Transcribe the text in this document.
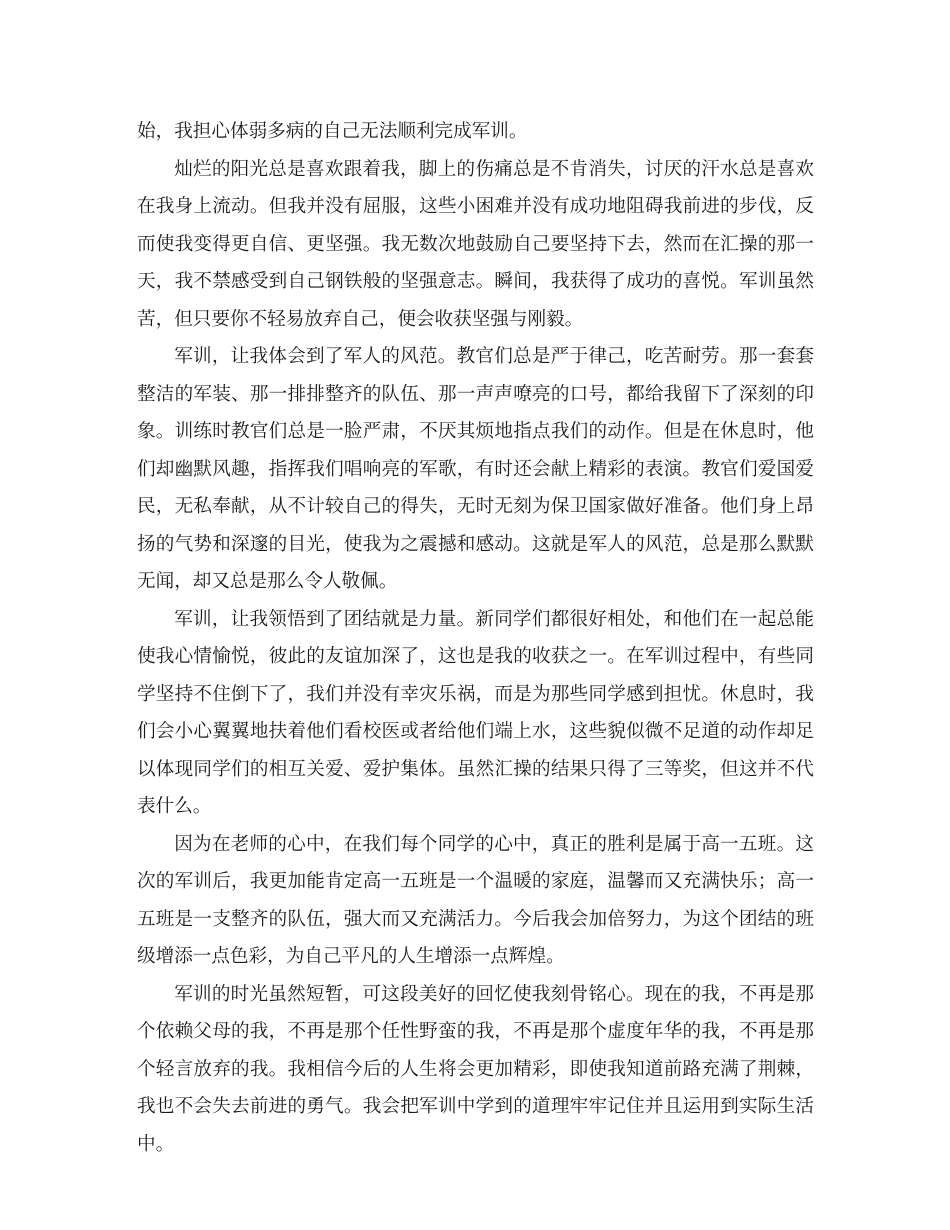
始，我担心体弱多病的自己无法顺利完成军训。

灿烂的阳光总是喜欢跟着我，脚上的伤痛总是不肯消失，讨厌的汗水总是喜欢在我身上流动。但我并没有屈服，这些小困难并没有成功地阻碍我前进的步伐，反而使我变得更自信、更坚强。我无数次地鼓励自己要坚持下去，然而在汇操的那一天，我不禁感受到自己钢铁般的坚强意志。瞬间，我获得了成功的喜悦。军训虽然苦，但只要你不轻易放弃自己，便会收获坚强与刚毅。

军训，让我体会到了军人的风范。教官们总是严于律己，吃苦耐劳。那一套套整洁的军装、那一排排整齐的队伍、那一声声嘹亮的口号，都给我留下了深刻的印象。训练时教官们总是一脸严肃，不厌其烦地指点我们的动作。但是在休息时，他们却幽默风趣，指挥我们唱响亮的军歌，有时还会献上精彩的表演。教官们爱国爱民，无私奉献，从不计较自己的得失，无时无刻为保卫国家做好准备。他们身上昂扬的气势和深邃的目光，使我为之震撼和感动。这就是军人的风范，总是那么默默无闻，却又总是那么令人敬佩。

军训，让我领悟到了团结就是力量。新同学们都很好相处，和他们在一起总能使我心情愉悦，彼此的友谊加深了，这也是我的收获之一。在军训过程中，有些同学坚持不住倒下了，我们并没有幸灾乐祸，而是为那些同学感到担忧。休息时，我们会小心翼翼地扶着他们看校医或者给他们端上水，这些貌似微不足道的动作却足以体现同学们的相互关爱、爱护集体。虽然汇操的结果只得了三等奖，但这并不代表什么。

因为在老师的心中，在我们每个同学的心中，真正的胜利是属于高一五班。这次的军训后，我更加能肯定高一五班是一个温暖的家庭，温馨而又充满快乐；高一五班是一支整齐的队伍，强大而又充满活力。今后我会加倍努力，为这个团结的班级增添一点色彩，为自己平凡的人生增添一点辉煌。

军训的时光虽然短暂，可这段美好的回忆使我刻骨铭心。现在的我，不再是那个依赖父母的我，不再是那个任性野蛮的我，不再是那个虚度年华的我，不再是那个轻言放弃的我。我相信今后的人生将会更加精彩，即使我知道前路充满了荆棘，我也不会失去前进的勇气。我会把军训中学到的道理牢牢记住并且运用到实际生活中。
